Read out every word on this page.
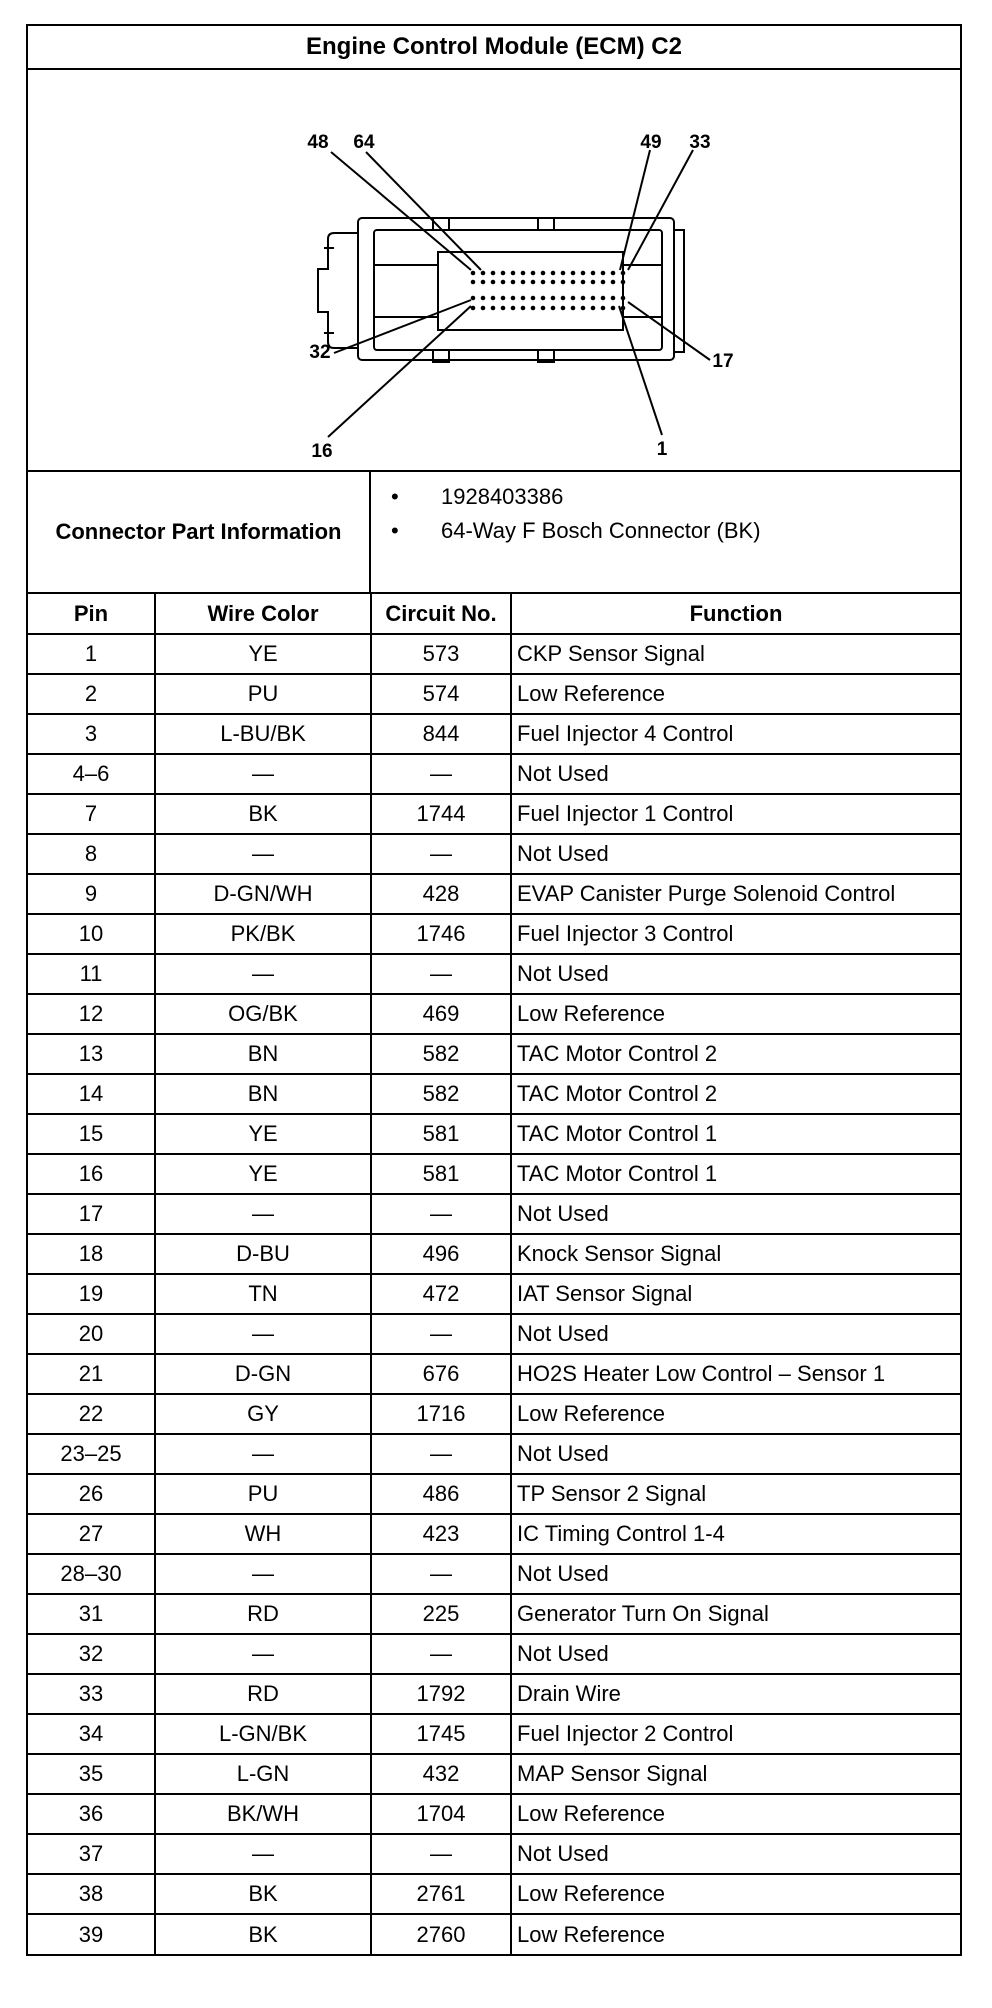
Engine Control Module (ECM) C2
48 64	49 33
32	17
16	1
Connector Part Information
• 1928403386
• 64-Way F Bosch Connector (BK)
Pin	Wire Color	Circuit No.	Function
1	YE	573	CKP Sensor Signal
2	PU	574	Low Reference
3	L-BU/BK	844	Fuel Injector 4 Control
4–6	—	—	Not Used
7	BK	1744	Fuel Injector 1 Control
8	—	—	Not Used
9	D-GN/WH	428	EVAP Canister Purge Solenoid Control
10	PK/BK	1746	Fuel Injector 3 Control
11	—	—	Not Used
12	OG/BK	469	Low Reference
13	BN	582	TAC Motor Control 2
14	BN	582	TAC Motor Control 2
15	YE	581	TAC Motor Control 1
16	YE	581	TAC Motor Control 1
17	—	—	Not Used
18	D-BU	496	Knock Sensor Signal
19	TN	472	IAT Sensor Signal
20	—	—	Not Used
21	D-GN	676	HO2S Heater Low Control – Sensor 1
22	GY	1716	Low Reference
23–25	—	—	Not Used
26	PU	486	TP Sensor 2 Signal
27	WH	423	IC Timing Control 1-4
28–30	—	—	Not Used
31	RD	225	Generator Turn On Signal
32	—	—	Not Used
33	RD	1792	Drain Wire
34	L-GN/BK	1745	Fuel Injector 2 Control
35	L-GN	432	MAP Sensor Signal
36	BK/WH	1704	Low Reference
37	—	—	Not Used
38	BK	2761	Low Reference
39	BK	2760	Low Reference
